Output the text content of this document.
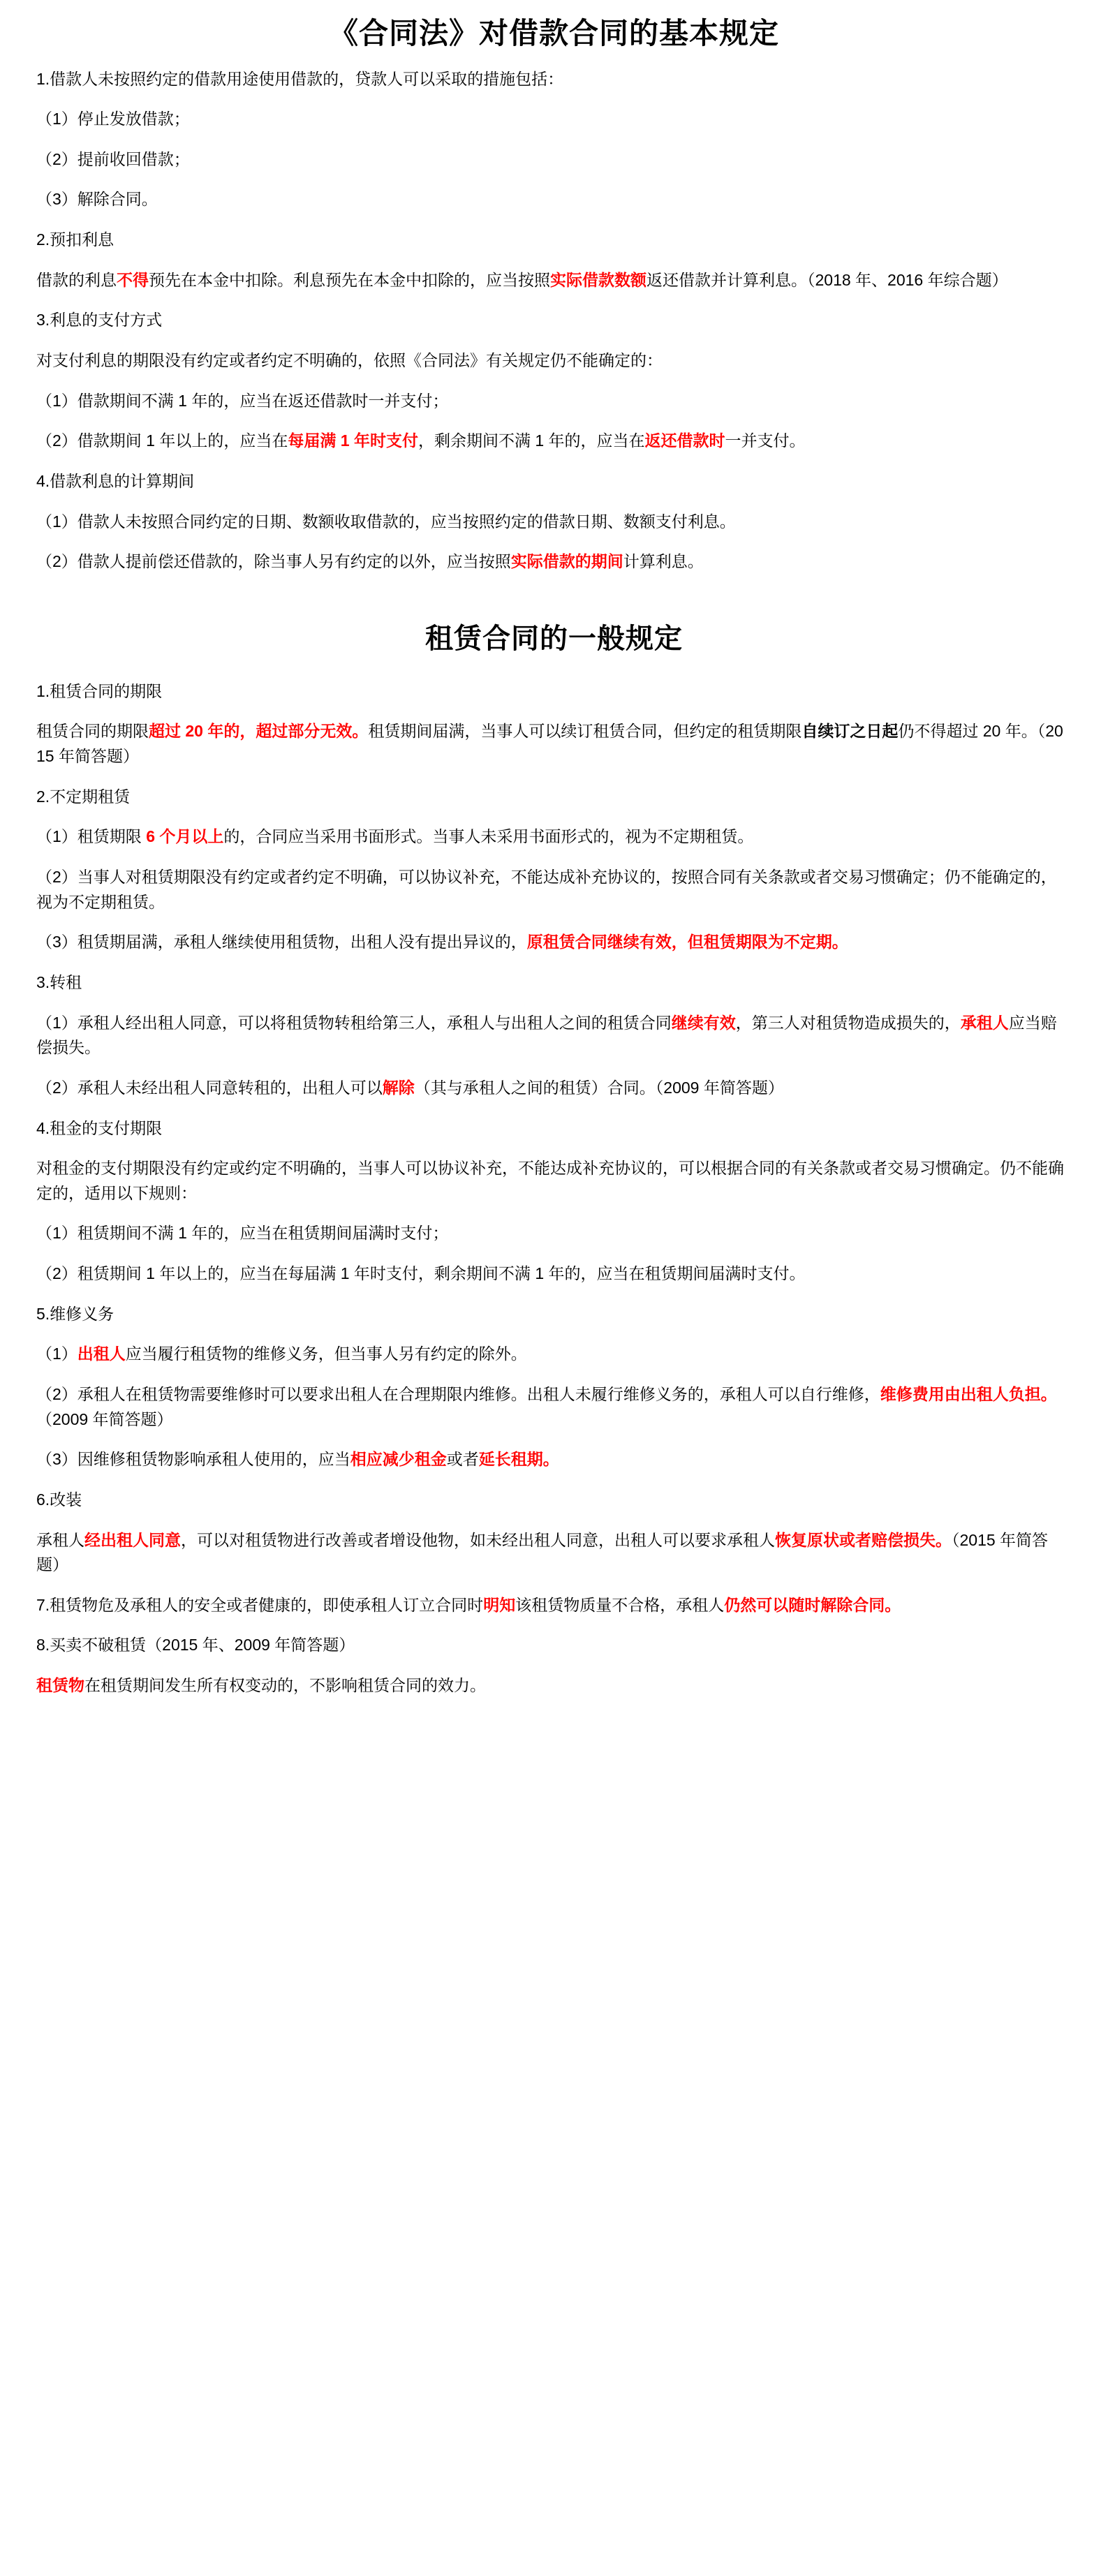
《合同法》对借款合同的基本规定

1.借款人未按照约定的借款用途使用借款的，贷款人可以采取的措施包括：

（1）停止发放借款；

（2）提前收回借款；

（3）解除合同。

2.预扣利息

借款的利息不得预先在本金中扣除。利息预先在本金中扣除的，应当按照实际借款数额返还借款并计算利息。（2018 年、2016 年综合题）

3.利息的支付方式

对支付利息的期限没有约定或者约定不明确的，依照《合同法》有关规定仍不能确定的：

（1）借款期间不满 1 年的，应当在返还借款时一并支付；

（2）借款期间 1 年以上的，应当在每届满 1 年时支付，剩余期间不满 1 年的，应当在返还借款时一并支付。

4.借款利息的计算期间

（1）借款人未按照合同约定的日期、数额收取借款的，应当按照约定的借款日期、数额支付利息。

（2）借款人提前偿还借款的，除当事人另有约定的以外，应当按照实际借款的期间计算利息。

租赁合同的一般规定

1.租赁合同的期限

租赁合同的期限超过 20 年的，超过部分无效。租赁期间届满，当事人可以续订租赁合同，但约定的租赁期限自续订之日起仍不得超过 20 年。（2015 年简答题）

2.不定期租赁

（1）租赁期限 6 个月以上的，合同应当采用书面形式。当事人未采用书面形式的，视为不定期租赁。

（2）当事人对租赁期限没有约定或者约定不明确，可以协议补充，不能达成补充协议的，按照合同有关条款或者交易习惯确定；仍不能确定的，视为不定期租赁。

（3）租赁期届满，承租人继续使用租赁物，出租人没有提出异议的，原租赁合同继续有效，但租赁期限为不定期。

3.转租

（1）承租人经出租人同意，可以将租赁物转租给第三人，承租人与出租人之间的租赁合同继续有效，第三人对租赁物造成损失的，承租人应当赔偿损失。

（2）承租人未经出租人同意转租的，出租人可以解除（其与承租人之间的租赁）合同。（2009 年简答题）

4.租金的支付期限

对租金的支付期限没有约定或约定不明确的，当事人可以协议补充，不能达成补充协议的，可以根据合同的有关条款或者交易习惯确定。仍不能确定的，适用以下规则：

（1）租赁期间不满 1 年的，应当在租赁期间届满时支付；

（2）租赁期间 1 年以上的，应当在每届满 1 年时支付，剩余期间不满 1 年的，应当在租赁期间届满时支付。

5.维修义务

（1）出租人应当履行租赁物的维修义务，但当事人另有约定的除外。

（2）承租人在租赁物需要维修时可以要求出租人在合理期限内维修。出租人未履行维修义务的，承租人可以自行维修，维修费用由出租人负担。（2009 年简答题）

（3）因维修租赁物影响承租人使用的，应当相应减少租金或者延长租期。

6.改装

承租人经出租人同意，可以对租赁物进行改善或者增设他物，如未经出租人同意，出租人可以要求承租人恢复原状或者赔偿损失。（2015 年简答题）

7.租赁物危及承租人的安全或者健康的，即使承租人订立合同时明知该租赁物质量不合格，承租人仍然可以随时解除合同。

8.买卖不破租赁（2015 年、2009 年简答题）

租赁物在租赁期间发生所有权变动的，不影响租赁合同的效力。
